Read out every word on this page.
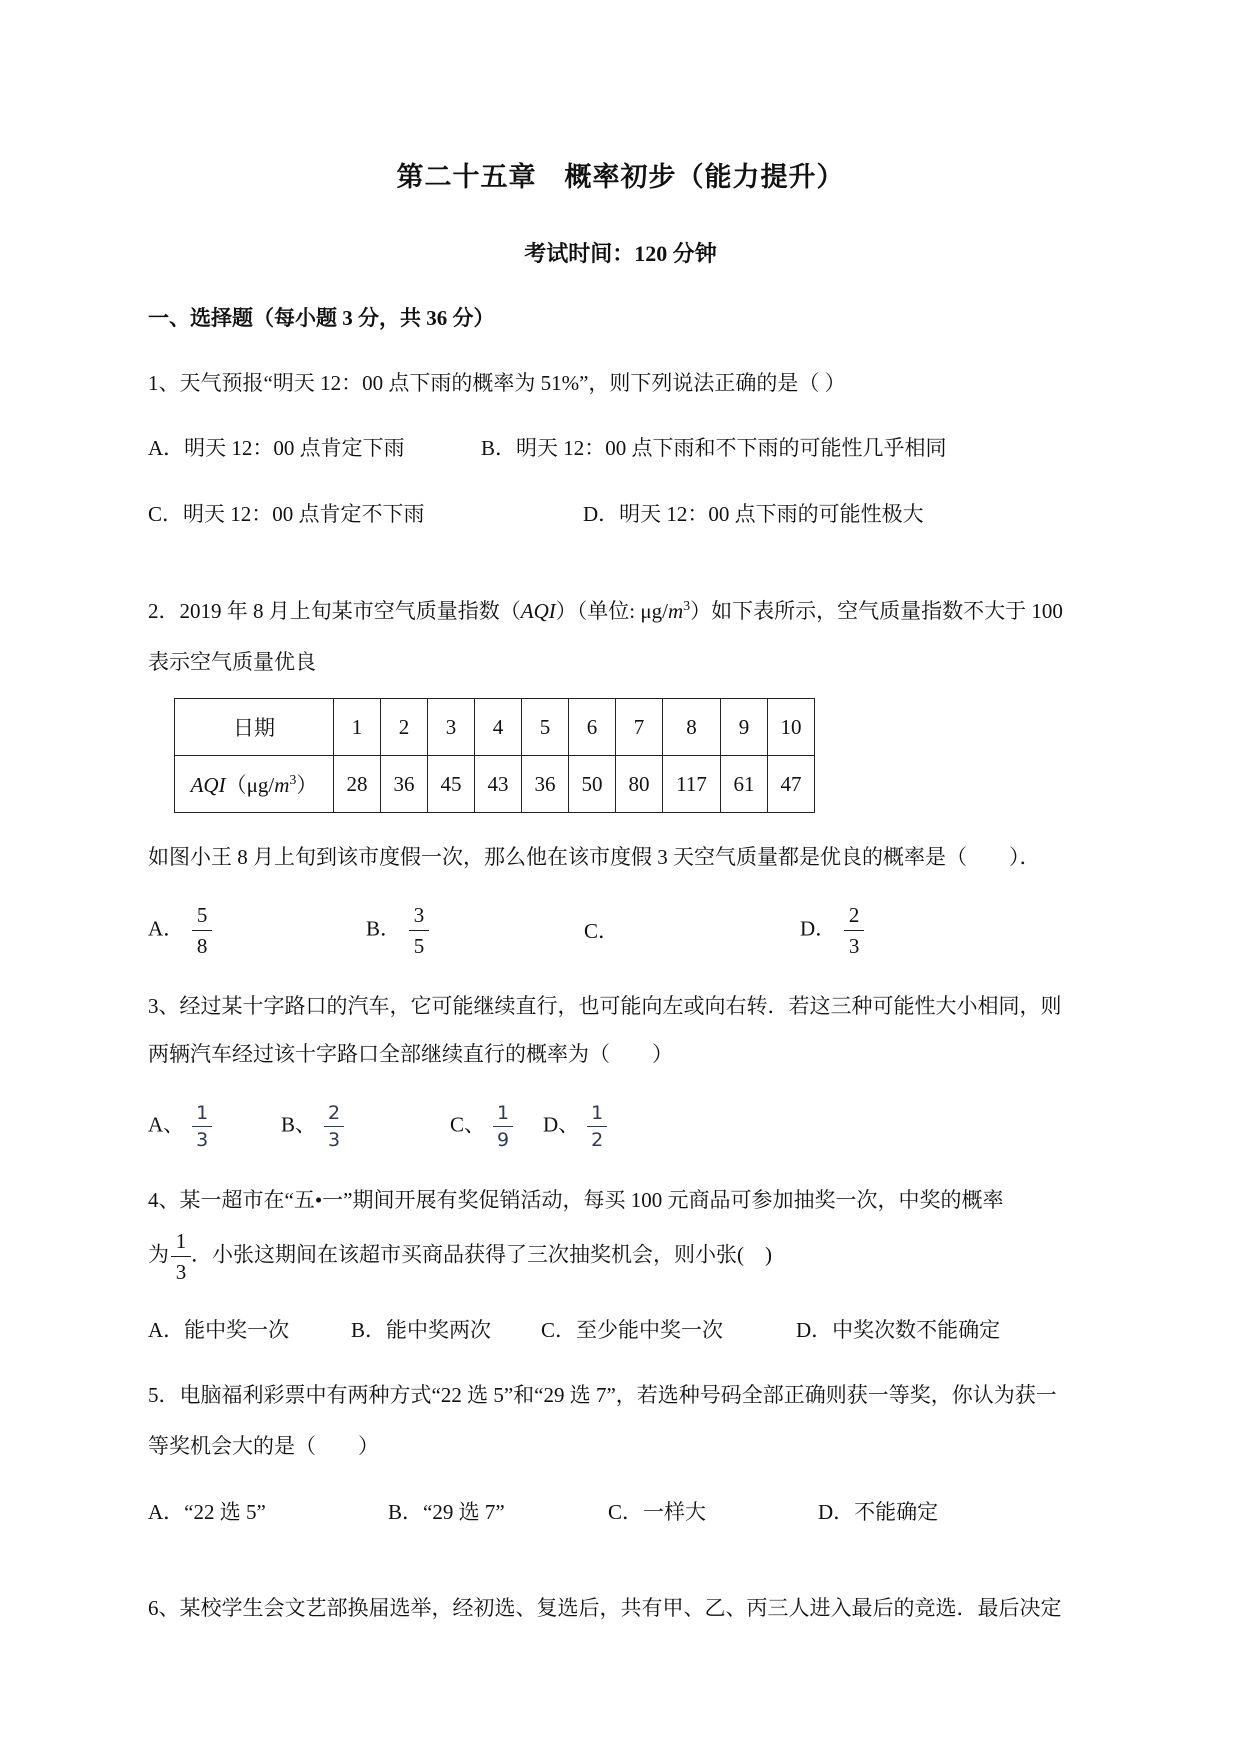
第二十五章　概率初步（能力提升）
考试时间：120 分钟
一、选择题（每小题 3 分，共 36 分）
1、天气预报“明天 12：00 点下雨的概率为 51%”，则下列说法正确的是（ ）
A．明天 12：00 点肯定下雨	B．明天 12：00 点下雨和不下雨的可能性几乎相同
C．明天 12：00 点肯定不下雨	D．明天 12：00 点下雨的可能性极大
2．2019 年 8 月上旬某市空气质量指数（AQI）（单位: $\mu g/m^3$）如下表所示，空气质量指数不大于 100
表示空气质量优良
日期	1	2	3	4	5	6	7	8	9	10
$AQI(\mu g/m^3)$	28	36	45	43	36	50	80	117	61	47
如图小王 8 月上旬到该市度假一次，那么他在该市度假 3 天空气质量都是优良的概率是（　　）．
A． $\frac{5}{8}$	B． $\frac{3}{5}$	C．	D． $\frac{2}{3}$
3、经过某十字路口的汽车，它可能继续直行，也可能向左或向右转．若这三种可能性大小相同，则
两辆汽车经过该十字路口全部继续直行的概率为（　　）
A、 $\frac{1}{3}$	B、 $\frac{2}{3}$	C、 $\frac{1}{9}$ D、 $\frac{1}{2}$
4、某一超市在“五•一”期间开展有奖促销活动，每买 100 元商品可参加抽奖一次，中奖的概率
为 $\frac{1}{3}$ ．小张这期间在该超市买商品获得了三次抽奖机会，则小张(　)
A．能中奖一次	B．能中奖两次 C．至少能中奖一次	D．中奖次数不能确定
5．电脑福利彩票中有两种方式“22 选 5”和“29 选 7”，若选种号码全部正确则获一等奖，你认为获一
等奖机会大的是（　　）
A．“22 选 5”	B．“29 选 7”	C．一样大	D．不能确定
6、某校学生会文艺部换届选举，经初选、复选后，共有甲、乙、丙三人进入最后的竞选．最后决定
